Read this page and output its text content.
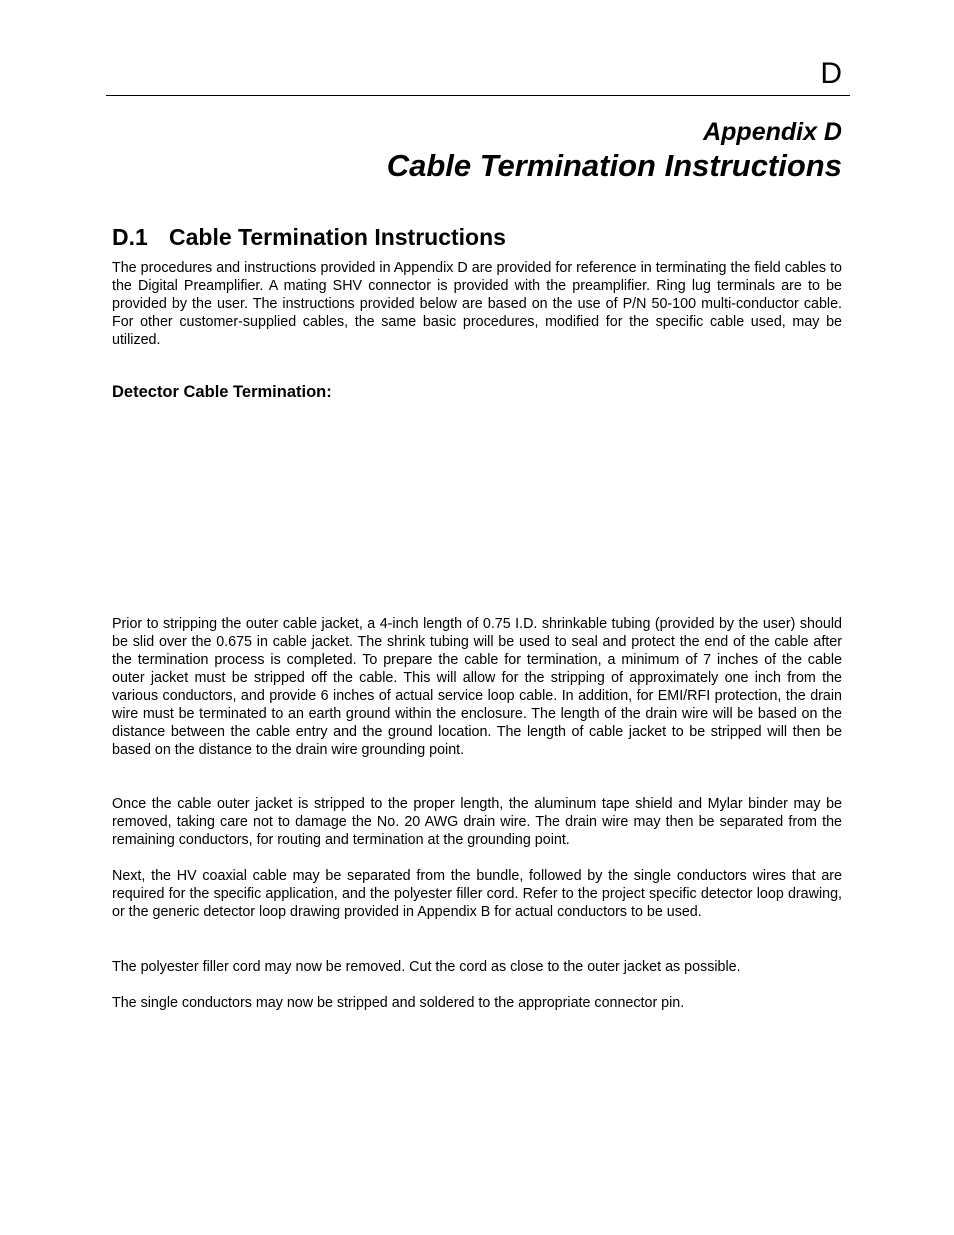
D
Appendix D
Cable Termination Instructions
D.1 Cable Termination Instructions

The procedures and instructions provided in Appendix D are provided for reference in terminating the field cables to the Digital Preamplifier. A mating SHV connector is provided with the preamplifier. Ring lug terminals are to be provided by the user. The instructions provided below are based on the use of P/N 50-100 multi-conductor cable. For other customer-supplied cables, the same basic procedures, modified for the specific cable used, may be utilized.

Detector Cable Termination:

Prior to stripping the outer cable jacket, a 4-inch length of 0.75 I.D. shrinkable tubing (provided by the user) should be slid over the 0.675 in cable jacket. The shrink tubing will be used to seal and protect the end of the cable after the termination process is completed. To prepare the cable for termination, a minimum of 7 inches of the cable outer jacket must be stripped off the cable. This will allow for the stripping of approximately one inch from the various conductors, and provide 6 inches of actual service loop cable. In addition, for EMI/RFI protection, the drain wire must be terminated to an earth ground within the enclosure. The length of the drain wire will be based on the distance between the cable entry and the ground location. The length of cable jacket to be stripped will then be based on the distance to the drain wire grounding point.

Once the cable outer jacket is stripped to the proper length, the aluminum tape shield and Mylar binder may be removed, taking care not to damage the No. 20 AWG drain wire. The drain wire may then be separated from the remaining conductors, for routing and termination at the grounding point.

Next, the HV coaxial cable may be separated from the bundle, followed by the single conductors wires that are required for the specific application, and the polyester filler cord. Refer to the project specific detector loop drawing, or the generic detector loop drawing provided in Appendix B for actual conductors to be used.

The polyester filler cord may now be removed. Cut the cord as close to the outer jacket as possible.

The single conductors may now be stripped and soldered to the appropriate connector pin.
